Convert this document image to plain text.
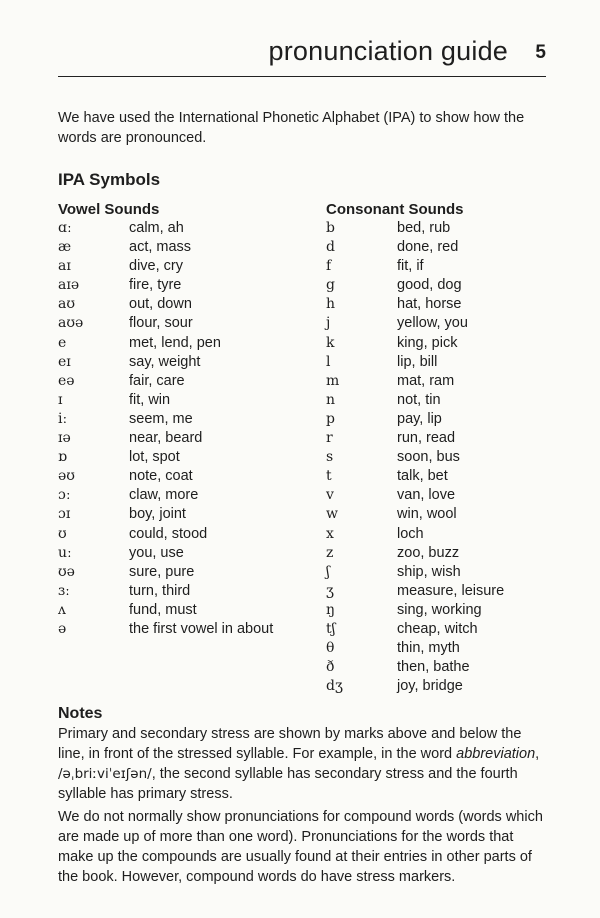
pronunciation guide 5
We have used the International Phonetic Alphabet (IPA) to show how the words are pronounced.
IPA Symbols
Vowel Sounds
ɑː	calm, ah
æ	act, mass
aɪ	dive, cry
aɪə	fire, tyre
aʊ	out, down
aʊə	flour, sour
e	met, lend, pen
eɪ	say, weight
eə	fair, care
ɪ	fit, win
iː	seem, me
ɪə	near, beard
ɒ	lot, spot
əʊ	note, coat
ɔː	claw, more
ɔɪ	boy, joint
ʊ	could, stood
uː	you, use
ʊə	sure, pure
ɜː	turn, third
ʌ	fund, must
ə	the first vowel in about
Consonant Sounds
b	bed, rub
d	done, red
f	fit, if
g	good, dog
h	hat, horse
j	yellow, you
k	king, pick
l	lip, bill
m	mat, ram
n	not, tin
p	pay, lip
r	run, read
s	soon, bus
t	talk, bet
v	van, love
w	win, wool
x	loch
z	zoo, buzz
ʃ	ship, wish
ʒ	measure, leisure
ŋ	sing, working
tʃ	cheap, witch
θ	thin, myth
ð	then, bathe
dʒ	joy, bridge
Notes

Primary and secondary stress are shown by marks above and below the line, in front of the stressed syllable. For example, in the word abbreviation, /əˌbriːviˈeɪʃən/, the second syllable has secondary stress and the fourth syllable has primary stress.

We do not normally show pronunciations for compound words (words which are made up of more than one word). Pronunciations for the words that make up the compounds are usually found at their entries in other parts of the book. However, compound words do have stress markers.
